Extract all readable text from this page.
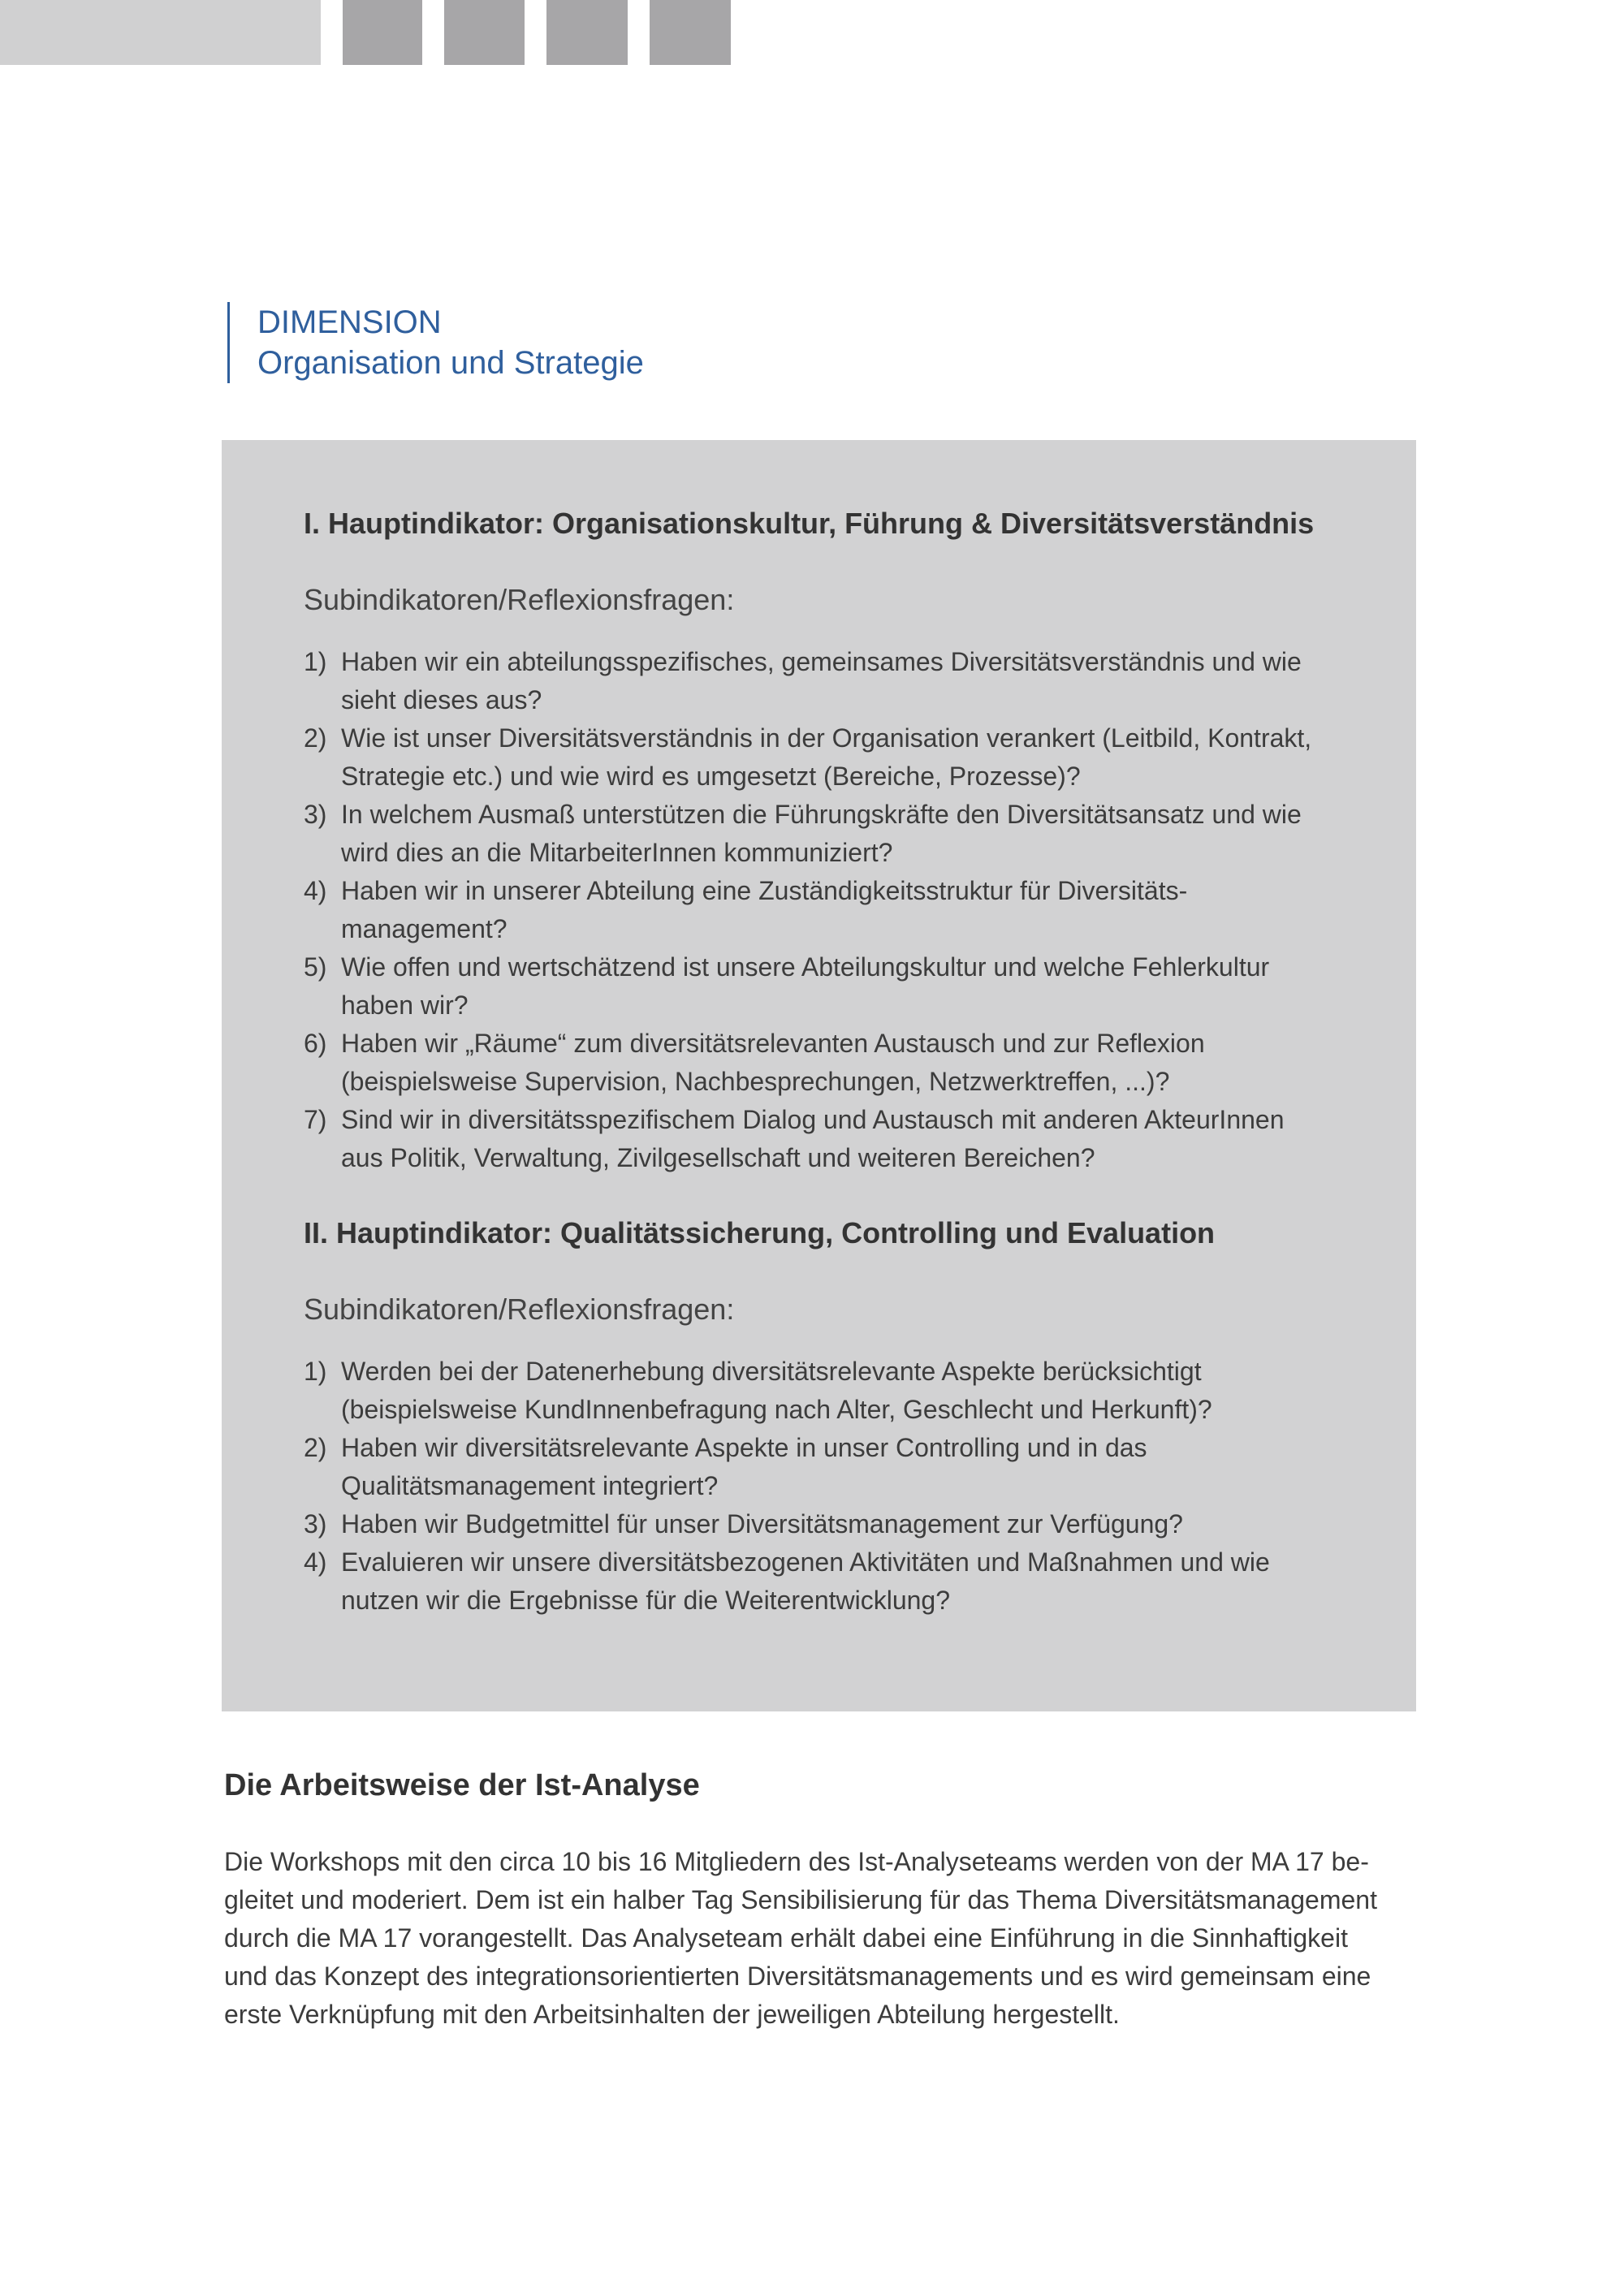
DIMENSION
Organisation und Strategie
I. Hauptindikator: Organisationskultur, Führung & Diversitätsverständnis
Subindikatoren/Reflexionsfragen:
1) Haben wir ein abteilungsspezifisches, gemeinsames Diversitätsverständnis und wie
sieht dieses aus?
2) Wie ist unser Diversitätsverständnis in der Organisation verankert (Leitbild, Kontrakt,
Strategie etc.) und wie wird es umgesetzt (Bereiche, Prozesse)?
3) In welchem Ausmaß unterstützen die Führungskräfte den Diversitätsansatz und wie
wird dies an die MitarbeiterInnen kommuniziert?
4) Haben wir in unserer Abteilung eine Zuständigkeitsstruktur für Diversitäts-
management?
5) Wie offen und wertschätzend ist unsere Abteilungskultur und welche Fehlerkultur
haben wir?
6) Haben wir „Räume“ zum diversitätsrelevanten Austausch und zur Reflexion
(beispielsweise Supervision, Nachbesprechungen, Netzwerktreffen, ...)?
7) Sind wir in diversitätsspezifischem Dialog und Austausch mit anderen AkteurInnen
aus Politik, Verwaltung, Zivilgesellschaft und weiteren Bereichen?
II. Hauptindikator: Qualitätssicherung, Controlling und Evaluation
Subindikatoren/Reflexionsfragen:
1) Werden bei der Datenerhebung diversitätsrelevante Aspekte berücksichtigt
(beispielsweise KundInnenbefragung nach Alter, Geschlecht und Herkunft)?
2) Haben wir diversitätsrelevante Aspekte in unser Controlling und in das
Qualitätsmanagement integriert?
3) Haben wir Budgetmittel für unser Diversitätsmanagement zur Verfügung?
4) Evaluieren wir unsere diversitätsbezogenen Aktivitäten und Maßnahmen und wie
nutzen wir die Ergebnisse für die Weiterentwicklung?
Die Arbeitsweise der Ist-Analyse

Die Workshops mit den circa 10 bis 16 Mitgliedern des Ist-Analyseteams werden von der MA 17 be-
gleitet und moderiert. Dem ist ein halber Tag Sensibilisierung für das Thema Diversitätsmanagement
durch die MA 17 vorangestellt. Das Analyseteam erhält dabei eine Einführung in die Sinnhaftigkeit
und das Konzept des integrationsorientierten Diversitätsmanagements und es wird gemeinsam eine
erste Verknüpfung mit den Arbeitsinhalten der jeweiligen Abteilung hergestellt.
